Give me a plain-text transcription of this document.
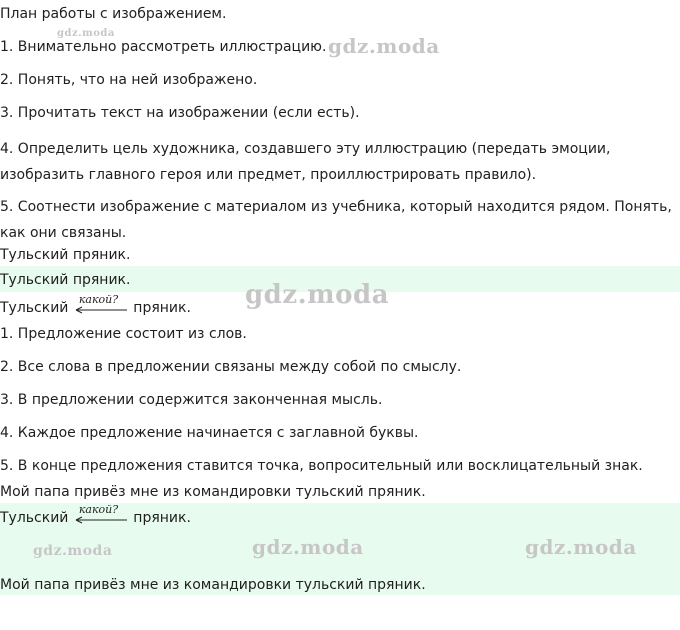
План работы с изображением.
1. Внимательно рассмотреть иллюстрацию.
2. Понять, что на ней изображено.
3. Прочитать текст на изображении (если есть).
4. Определить цель художника, создавшего эту иллюстрацию (передать эмоции, изобразить главного героя или предмет, проиллюстрировать правило).
5. Соотнести изображение с материалом из учебника, который находится рядом. Понять, как они связаны.
Тульский пряник.
Тульский пряник.
Тульский
какой?
пряник.
1. Предложение состоит из слов.
2. Все слова в предложении связаны между собой по смыслу.
3. В предложении содержится законченная мысль.
4. Каждое предложение начинается с заглавной буквы.
5. В конце предложения ставится точка, вопросительный или восклицательный знак.
Мой папа привёз мне из командировки тульский пряник.
Тульский
какой?
пряник.
Мой папа привёз мне из командировки тульский пряник.
gdz.moda
gdz.moda
gdz.moda
gdz.moda	gdz.moda	gdz.moda
